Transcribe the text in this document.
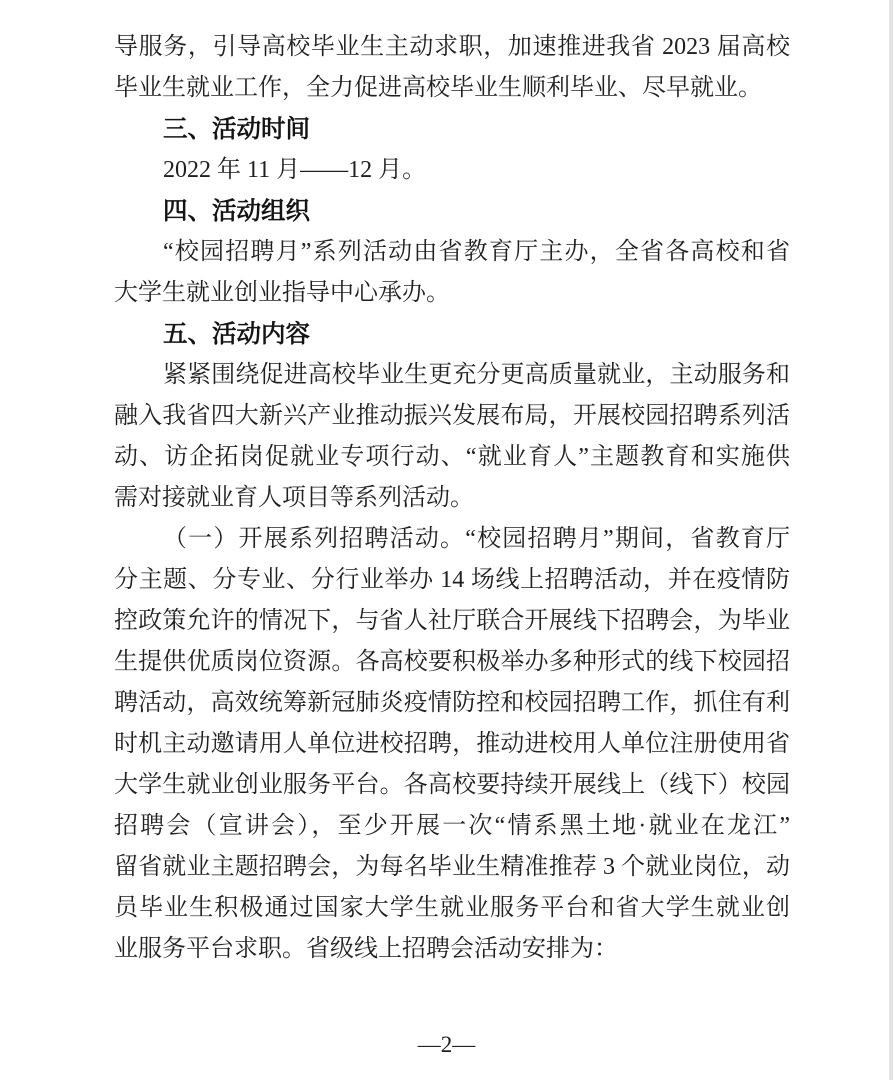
导服务，引导高校毕业生主动求职，加速推进我省 2023 届高校
毕业生就业工作，全力促进高校毕业生顺利毕业、尽早就业。
三、活动时间
2022 年 11 月——12 月。
四、活动组织
“校园招聘月”系列活动由省教育厅主办，全省各高校和省
大学生就业创业指导中心承办。
五、活动内容
紧紧围绕促进高校毕业生更充分更高质量就业，主动服务和
融入我省四大新兴产业推动振兴发展布局，开展校园招聘系列活
动、访企拓岗促就业专项行动、“就业育人”主题教育和实施供
需对接就业育人项目等系列活动。
（一）开展系列招聘活动。“校园招聘月”期间，省教育厅
分主题、分专业、分行业举办 14 场线上招聘活动，并在疫情防
控政策允许的情况下，与省人社厅联合开展线下招聘会，为毕业
生提供优质岗位资源。各高校要积极举办多种形式的线下校园招
聘活动，高效统筹新冠肺炎疫情防控和校园招聘工作，抓住有利
时机主动邀请用人单位进校招聘，推动进校用人单位注册使用省
大学生就业创业服务平台。各高校要持续开展线上（线下）校园
招聘会（宣讲会），至少开展一次“情系黑土地·就业在龙江”
留省就业主题招聘会，为每名毕业生精准推荐 3 个就业岗位，动
员毕业生积极通过国家大学生就业服务平台和省大学生就业创
业服务平台求职。省级线上招聘会活动安排为：
—2—
